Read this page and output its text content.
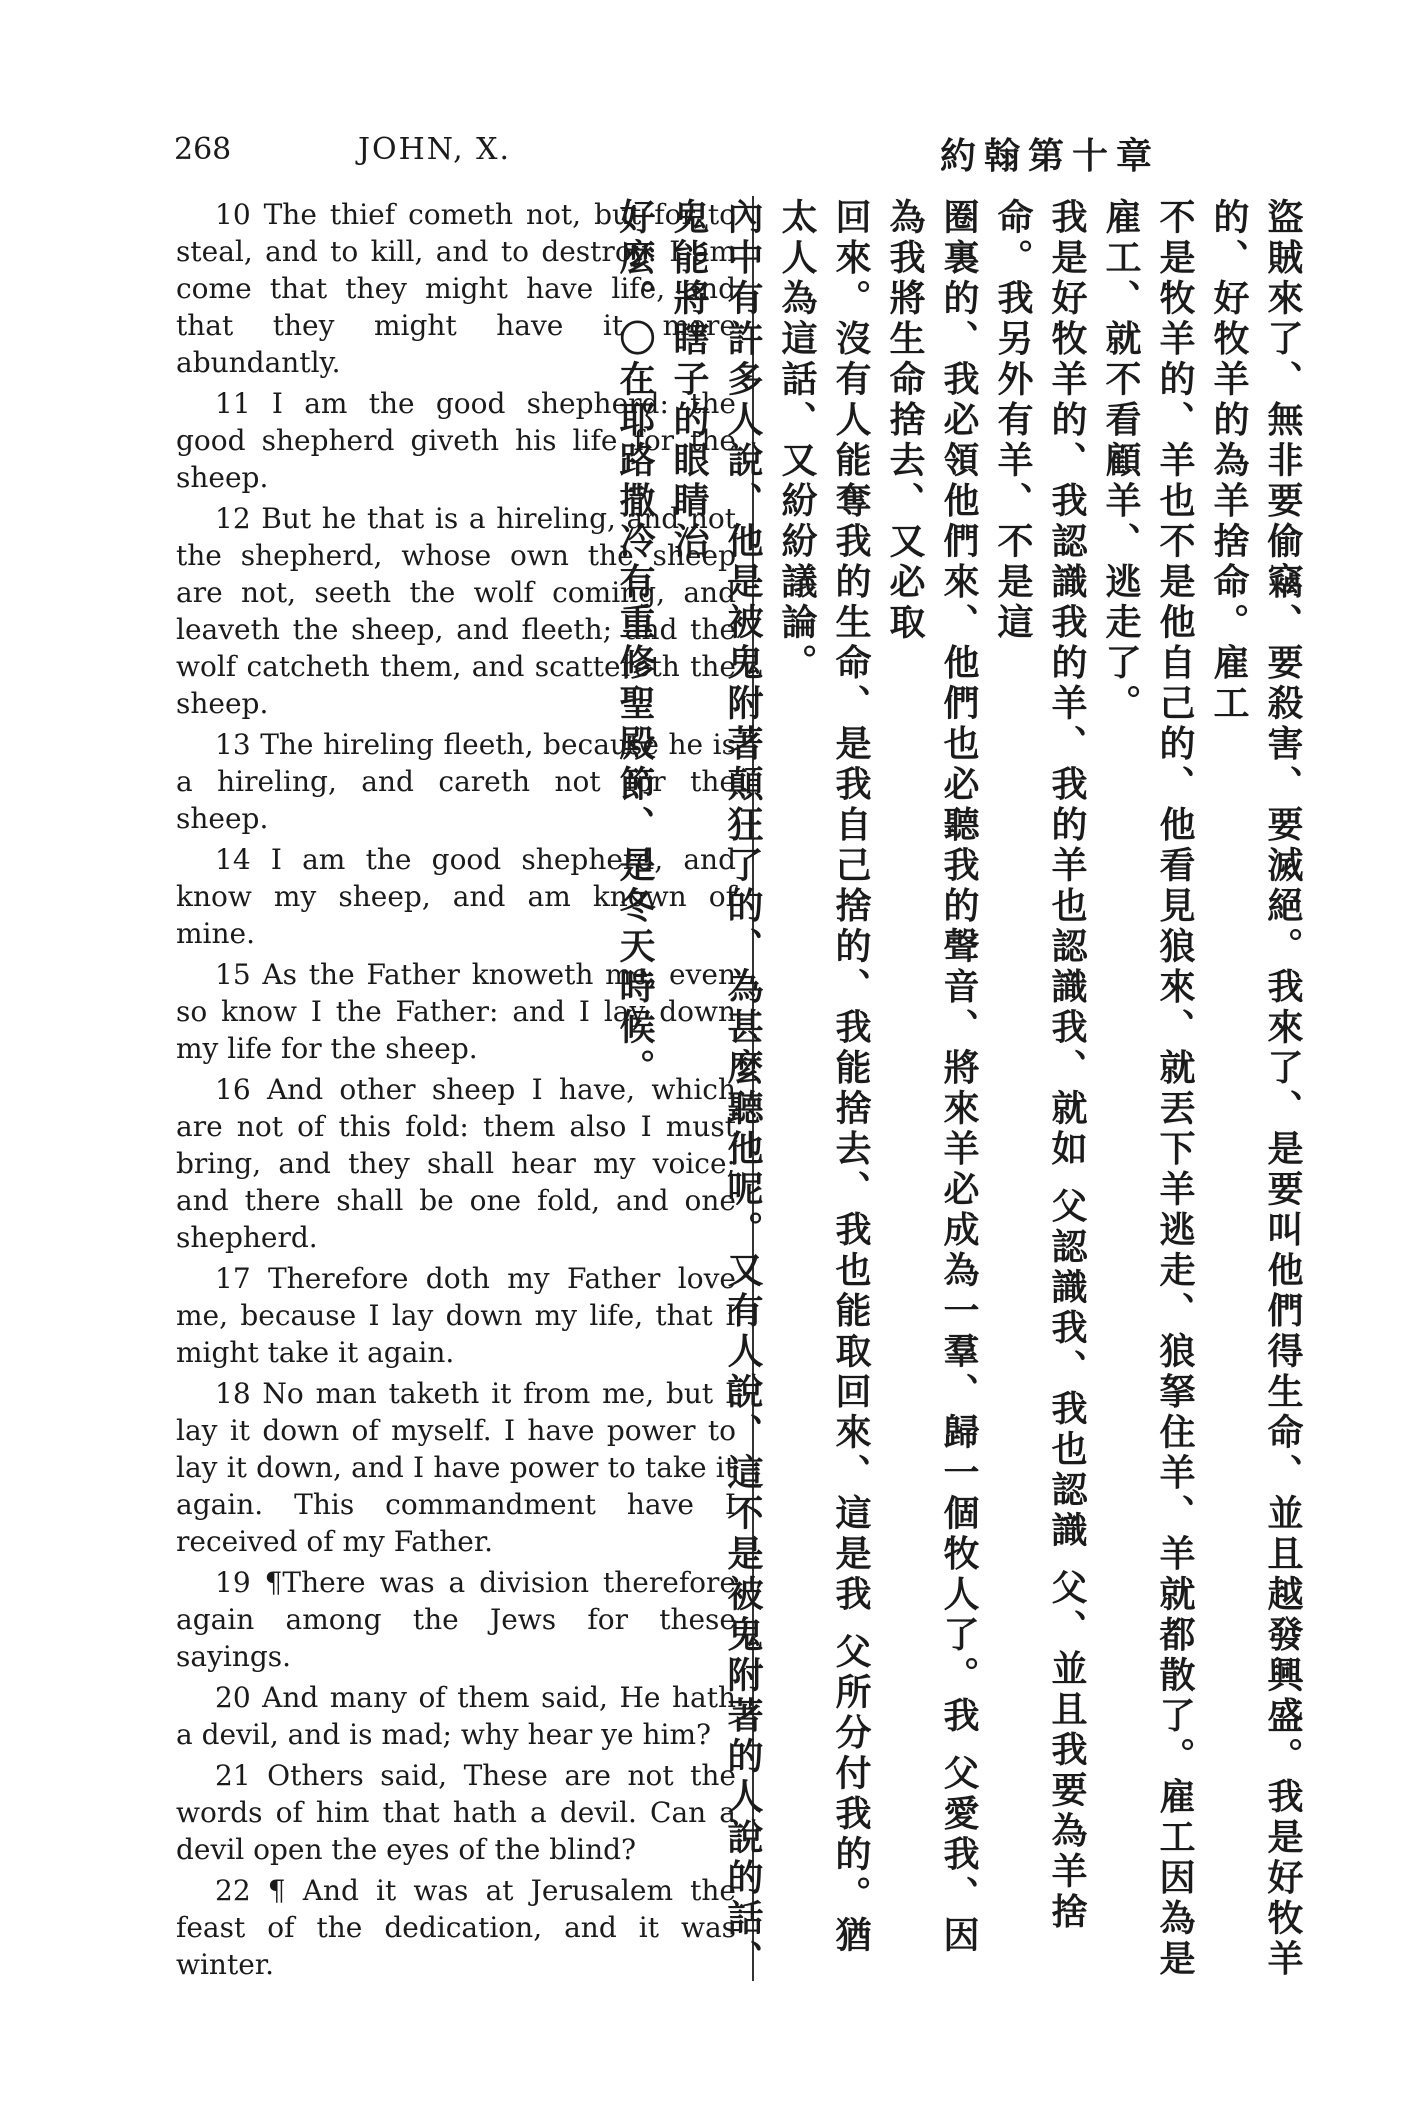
268	JOHN, X.	約翰第十章

10 The thief cometh not, but for to steal, and to kill, and to destroy: I am come that they might have life, and that they might have it more abundantly.

11 I am the good shepherd: the good shepherd giveth his life for the sheep.

12 But he that is a hireling, and not the shepherd, whose own the sheep are not, seeth the wolf coming, and leaveth the sheep, and fleeth; and the wolf catcheth them, and scattereth the sheep.

13 The hireling fleeth, because he is a hireling, and careth not for the sheep.

14 I am the good shepherd, and know my sheep, and am known of mine.

15 As the Father knoweth me, even so know I the Father: and I lay down my life for the sheep.

16 And other sheep I have, which are not of this fold: them also I must bring, and they shall hear my voice; and there shall be one fold, and one shepherd.

17 Therefore doth my Father love me, because I lay down my life, that I might take it again.

18 No man taketh it from me, but I lay it down of myself. I have power to lay it down, and I have power to take it again. This commandment have I received of my Father.

19 ¶There was a division therefore again among the Jews for these sayings.

20 And many of them said, He hath a devil, and is mad; why hear ye him?

21 Others said, These are not the words of him that hath a devil. Can a devil open the eyes of the blind?

22 ¶ And it was at Jerusalem the feast of the dedication, and it was winter.	盜賊來了、無非要偷竊、要殺害、要滅絕。我來了、是要叫他們得生命、並且越發興盛。我是好牧羊的、好牧羊的為羊捨命。雇工
不是牧羊的、羊也不是他自己的、他看見狼來、就丟下羊逃走、狼拏住羊、羊就都散了。雇工因為是雇工、就不看顧羊、逃走了。
我是好牧羊的、我認識我的羊、我的羊也認識我、就如 父認識我、我也認識 父、並且我要為羊捨命。我另外有羊、不是這
圈裏的、我必領他們來、他們也必聽我的聲音、將來羊必成為一羣、歸一個牧人了。我 父愛我、因為我將生命捨去、又必取
回來。沒有人能奪我的生命、是我自己捨的、我能捨去、我也能取回來、這是我 父所分付我的。猶太人為這話、又紛紛議論。
內中有許多人說、他是被鬼附著顛狂了的、為甚麼聽他呢。又有人說、這不是被鬼附著的人說的話、鬼能將瞎子的眼睛治
好麼。〇在耶路撒冷有重修聖殿節、是冬天時候。
